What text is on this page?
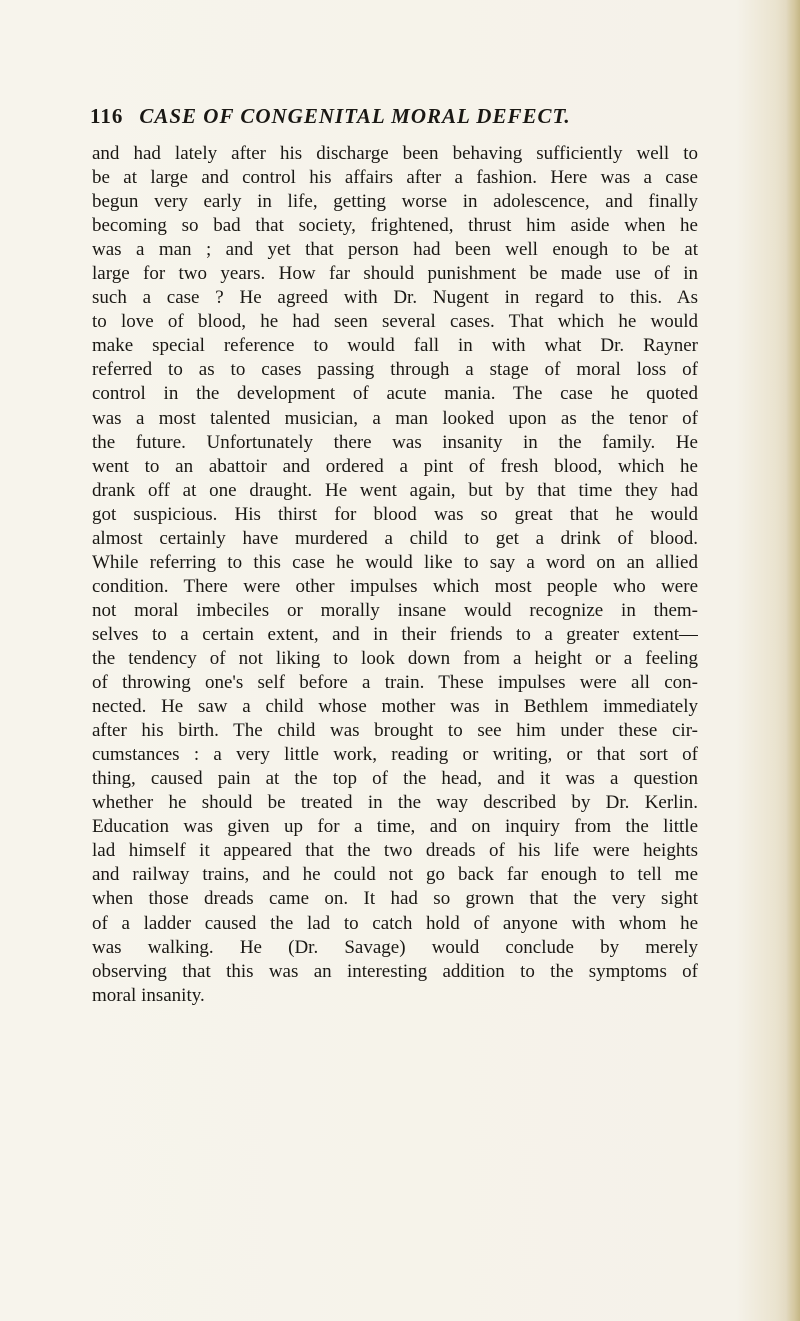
116 CASE OF CONGENITAL MORAL DEFECT.
and had lately after his discharge been behaving sufficiently well to
be at large and control his affairs after a fashion. Here was a case
begun very early in life, getting worse in adolescence, and finally
becoming so bad that society, frightened, thrust him aside when he
was a man ; and yet that person had been well enough to be at
large for two years. How far should punishment be made use of in
such a case ? He agreed with Dr. Nugent in regard to this. As
to love of blood, he had seen several cases. That which he would
make special reference to would fall in with what Dr. Rayner
referred to as to cases passing through a stage of moral loss of
control in the development of acute mania. The case he quoted
was a most talented musician, a man looked upon as the tenor of
the future. Unfortunately there was insanity in the family. He
went to an abattoir and ordered a pint of fresh blood, which he
drank off at one draught. He went again, but by that time they had
got suspicious. His thirst for blood was so great that he would
almost certainly have murdered a child to get a drink of blood.
While referring to this case he would like to say a word on an allied
condition. There were other impulses which most people who were
not moral imbeciles or morally insane would recognize in them-
selves to a certain extent, and in their friends to a greater extent—
the tendency of not liking to look down from a height or a feeling
of throwing one's self before a train. These impulses were all con-
nected. He saw a child whose mother was in Bethlem immediately
after his birth. The child was brought to see him under these cir-
cumstances : a very little work, reading or writing, or that sort of
thing, caused pain at the top of the head, and it was a question
whether he should be treated in the way described by Dr. Kerlin.
Education was given up for a time, and on inquiry from the little
lad himself it appeared that the two dreads of his life were heights
and railway trains, and he could not go back far enough to tell me
when those dreads came on. It had so grown that the very sight
of a ladder caused the lad to catch hold of anyone with whom he
was walking. He (Dr. Savage) would conclude by merely
observing that this was an interesting addition to the symptoms of
moral insanity.
